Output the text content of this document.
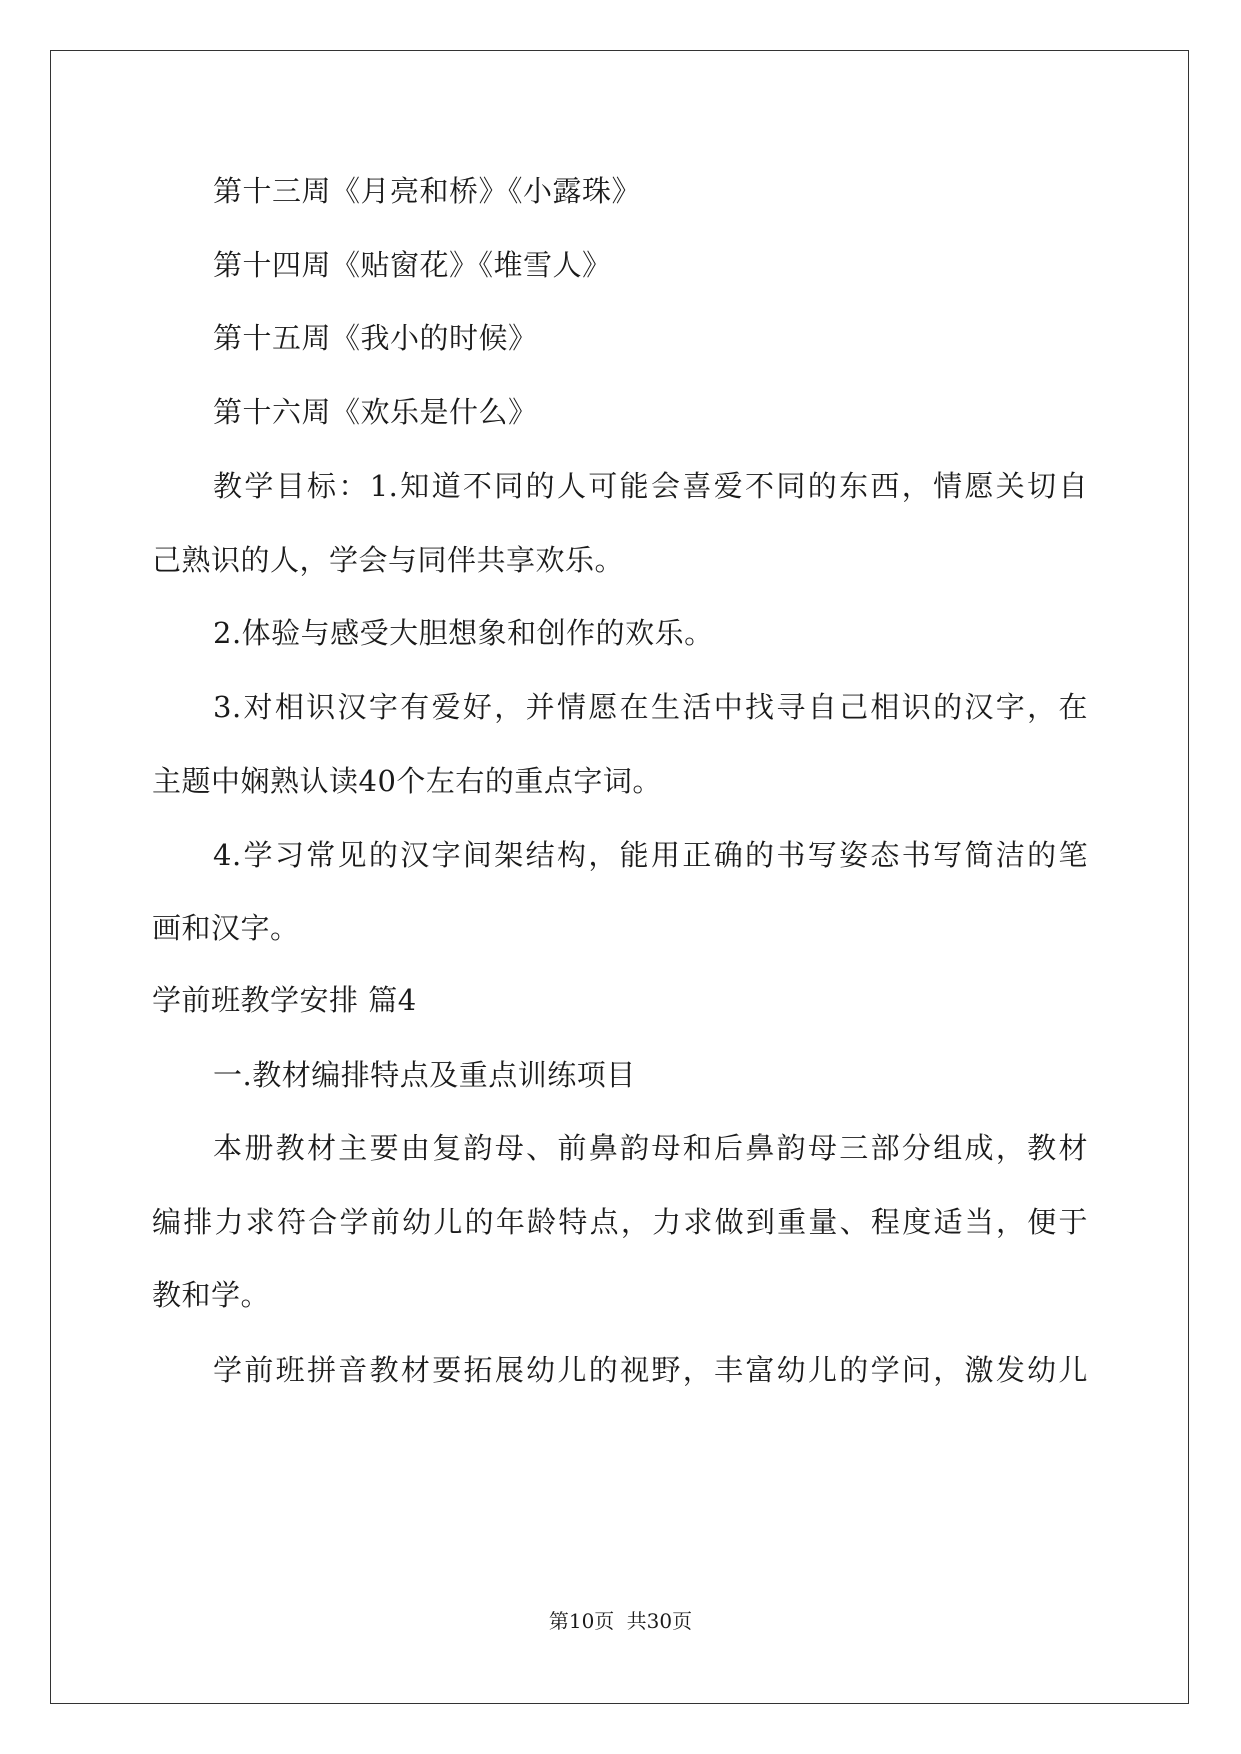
第十三周《月亮和桥》《小露珠》
第十四周《贴窗花》《堆雪人》
第十五周《我小的时候》
第十六周《欢乐是什么》
教学目标：1.知道不同的人可能会喜爱不同的东西，情愿关切自
己熟识的人，学会与同伴共享欢乐。
2.体验与感受大胆想象和创作的欢乐。
3.对相识汉字有爱好，并情愿在生活中找寻自己相识的汉字，在
主题中娴熟认读40个左右的重点字词。
4.学习常见的汉字间架结构，能用正确的书写姿态书写简洁的笔
画和汉字。
学前班教学安排 篇4
一.教材编排特点及重点训练项目
本册教材主要由复韵母、前鼻韵母和后鼻韵母三部分组成，教材
编排力求符合学前幼儿的年龄特点，力求做到重量、程度适当，便于
教和学。
学前班拼音教材要拓展幼儿的视野，丰富幼儿的学问，激发幼儿
第10页 共30页
